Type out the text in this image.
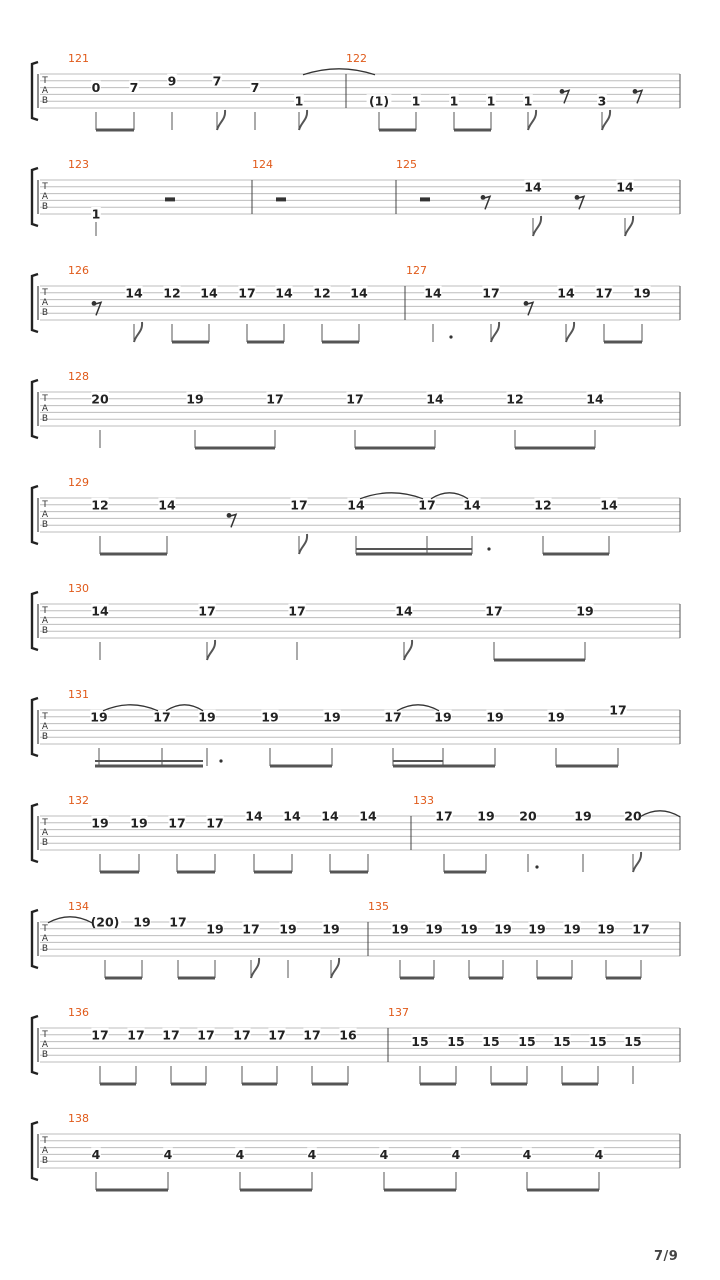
T
A
B
121	122
0 7 9	7 7
1	(1) 1 1 1 1	3
T
A
B
123	124	125
1
14	14
T
A
B
126	127
14 12 14 17 14 12 14	14	17	14 17 19
T
A
B
128
20	19	17	17	14	12	14
T
A
B
129
12	14	17	14	17 14	12	14
T
A
B
130
14	17	17	14	17	19
T
A
B
131
19	17 19	19	19	17	19	19	19	17
T
A
B
132	133
19 19 17 17 14 14 14 14	17 19 20	19	20
T
A
B
134	135
(20) 19 17 19 17 19 19	19 19 19 19 19 19 19 17
T
A
B
136	137
17 17 17 17 17 17 17 16	15 15 15 15 15 15 15
T
A
B
138
4	4	4	4	4	4	4	4
7/9
